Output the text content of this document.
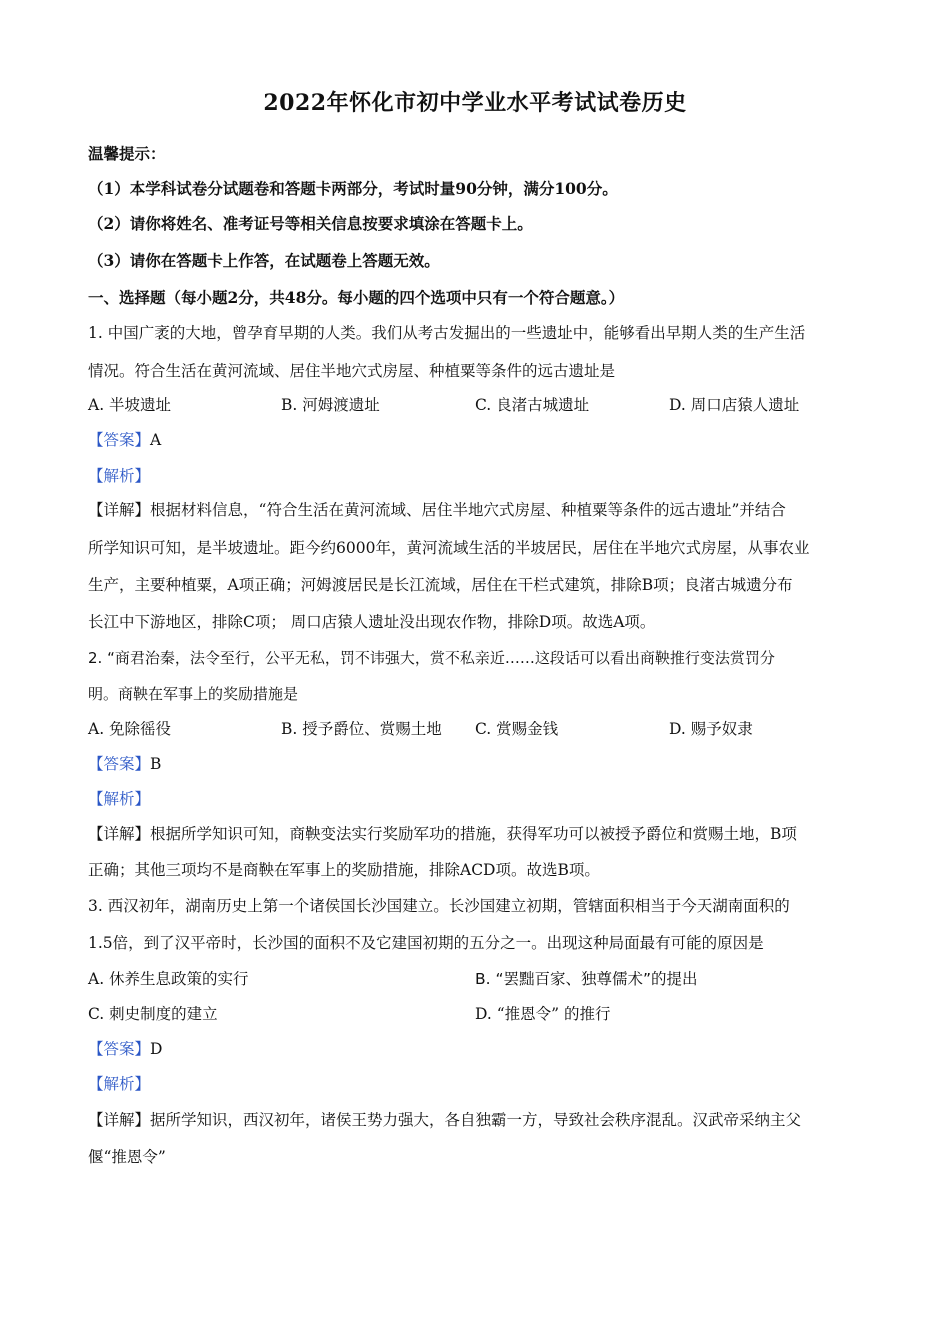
2022年怀化市初中学业水平考试试卷历史
温馨提示：
（1）本学科试卷分试题卷和答题卡两部分，考试时量90分钟，满分100分。
（2）请你将姓名、准考证号等相关信息按要求填涂在答题卡上。
（3）请你在答题卡上作答，在试题卷上答题无效。
一、选择题（每小题2分，共48分。每小题的四个选项中只有一个符合题意。）
1. 中国广袤的大地，曾孕育早期的人类。我们从考古发掘出的一些遗址中，能够看出早期人类的生产生活
情况。符合生活在黄河流域、居住半地穴式房屋、种植粟等条件的远古遗址是
A. 半坡遗址	B. 河姆渡遗址	C. 良渚古城遗址	D. 周口店猿人遗址
【答案】A
【解析】
【详解】根据材料信息，“符合生活在黄河流域、居住半地穴式房屋、种植粟等条件的远古遗址”并结合
所学知识可知，是半坡遗址。距今约6000年，黄河流域生活的半坡居民，居住在半地穴式房屋，从事农业
生产，主要种植粟，A项正确；河姆渡居民是长江流域，居住在干栏式建筑，排除B项；良渚古城遗分布
长江中下游地区，排除C项； 周口店猿人遗址没出现农作物，排除D项。故选A项。
2. “商君治秦，法令至行，公平无私，罚不讳强大，赏不私亲近……这段话可以看出商鞅推行变法赏罚分
明。商鞅在军事上的奖励措施是
A. 免除徭役	B. 授予爵位、赏赐土地 C. 赏赐金钱	D. 赐予奴隶
【答案】B
【解析】
【详解】根据所学知识可知，商鞅变法实行奖励军功的措施，获得军功可以被授予爵位和赏赐土地，B项
正确；其他三项均不是商鞅在军事上的奖励措施，排除ACD项。故选B项。
3. 西汉初年，湖南历史上第一个诸侯国长沙国建立。长沙国建立初期，管辖面积相当于今天湖南面积的
1.5倍，到了汉平帝时，长沙国的面积不及它建国初期的五分之一。出现这种局面最有可能的原因是
A. 休养生息政策的实行	B. “罢黜百家、独尊儒术”的提出
C. 刺史制度的建立	D. “推恩令” 的推行
【答案】D
【解析】
【详解】据所学知识，西汉初年，诸侯王势力强大，各自独霸一方，导致社会秩序混乱。汉武帝采纳主父
偃“推恩令”
